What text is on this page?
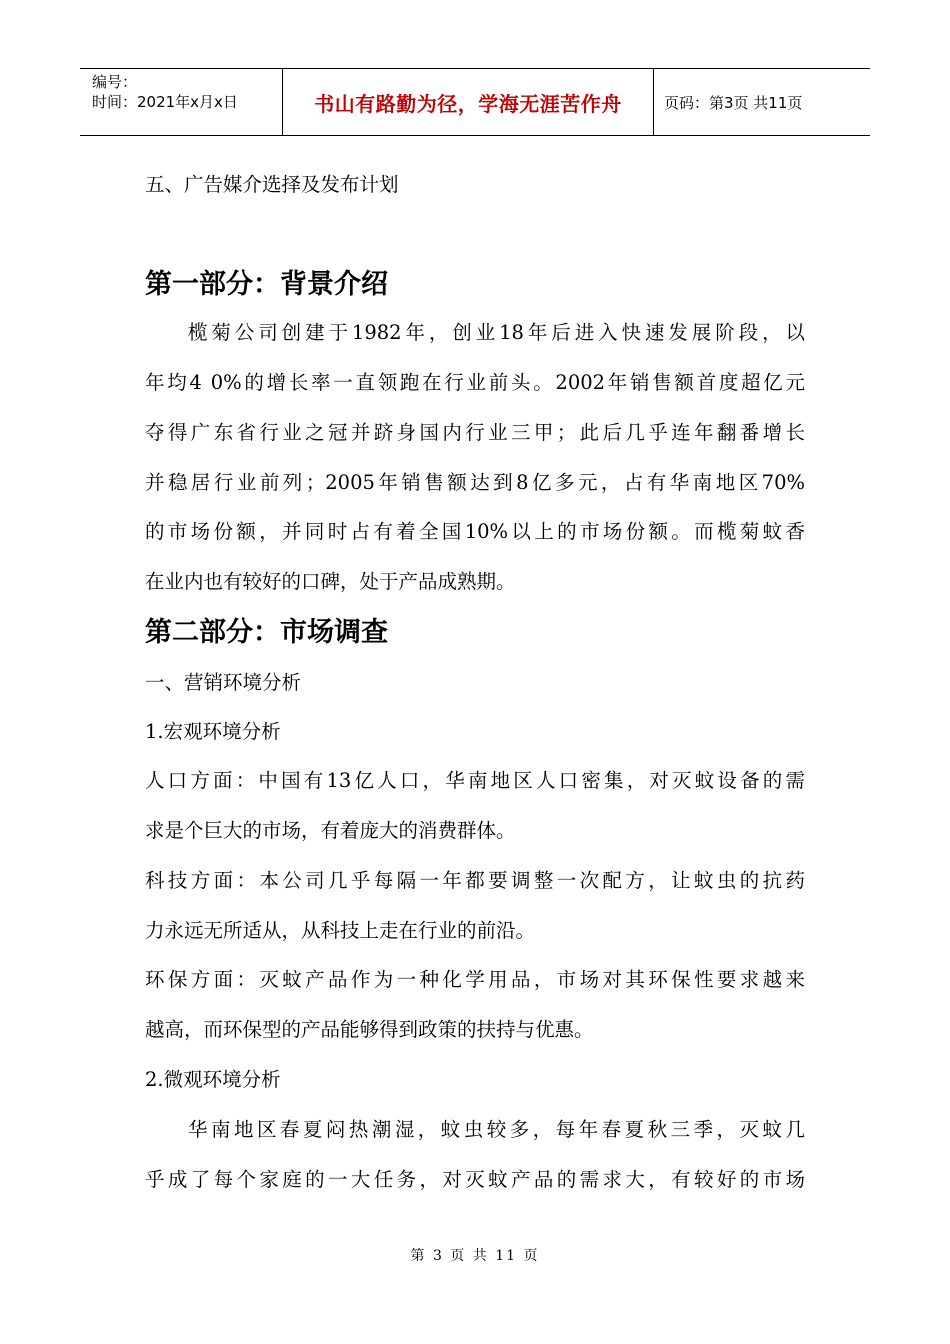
编号：
时间：2021年x月x日	书山有路勤为径，学海无涯苦作舟	页码：第3页 共11页
五、广告媒介选择及发布计划
第一部分：背景介绍
榄菊公司创建于1982年，创业18年后进入快速发展阶段，以
年均4 0%的增长率一直领跑在行业前头。2002年销售额首度超亿元
夺得广东省行业之冠并跻身国内行业三甲；此后几乎连年翻番增长
并稳居行业前列；2005年销售额达到8亿多元，占有华南地区70%
的市场份额，并同时占有着全国10%以上的市场份额。而榄菊蚊香
在业内也有较好的口碑，处于产品成熟期。
第二部分：市场调查
一、营销环境分析
1.宏观环境分析
人口方面：中国有13亿人口，华南地区人口密集，对灭蚊设备的需
求是个巨大的市场，有着庞大的消费群体。
科技方面：本公司几乎每隔一年都要调整一次配方，让蚊虫的抗药
力永远无所适从，从科技上走在行业的前沿。
环保方面：灭蚊产品作为一种化学用品，市场对其环保性要求越来
越高，而环保型的产品能够得到政策的扶持与优惠。
2.微观环境分析
华南地区春夏闷热潮湿，蚊虫较多，每年春夏秋三季，灭蚊几
乎成了每个家庭的一大任务，对灭蚊产品的需求大，有较好的市场
第 3 页 共 11 页
